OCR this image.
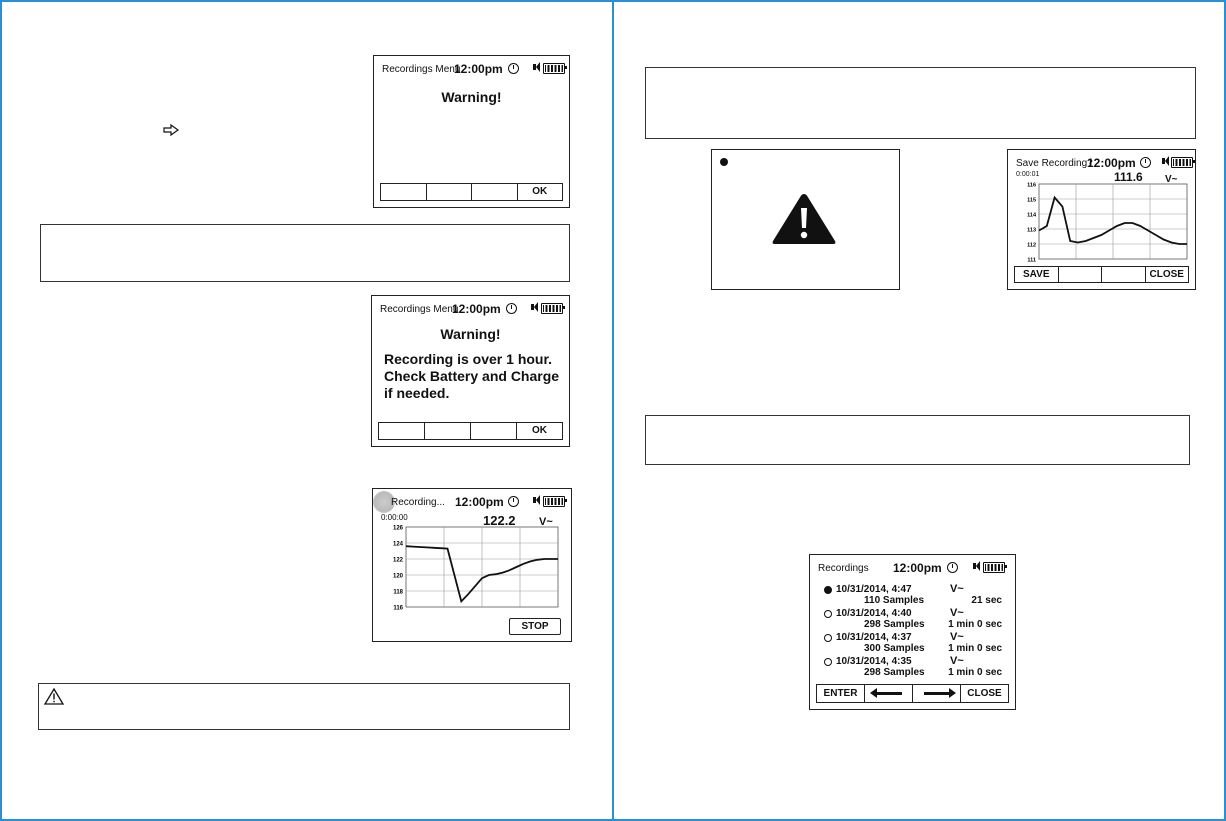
Recordings Menu
12:00pm
Warning!
OK
Recordings Menu
12:00pm
Warning!
Recording is over 1 hour.
Check Battery and Charge
if needed.
OK
Recording... 12:00pm
0:00:00	122.2 V~
126
124
122
120
118
116
STOP
Save Recording?
12:00pm
0:00:01	111.6 V~
116
115
114
113
112
111
SAVE	CLOSE
Recordings 12:00pm
10/31/2014, 4:47	V~
110 Samples	21 sec
10/31/2014, 4:40	V~
298 Samples 1 min 0 sec
10/31/2014, 4:37	V~
300 Samples 1 min 0 sec
10/31/2014, 4:35	V~
298 Samples 1 min 0 sec
ENTER	CLOSE
